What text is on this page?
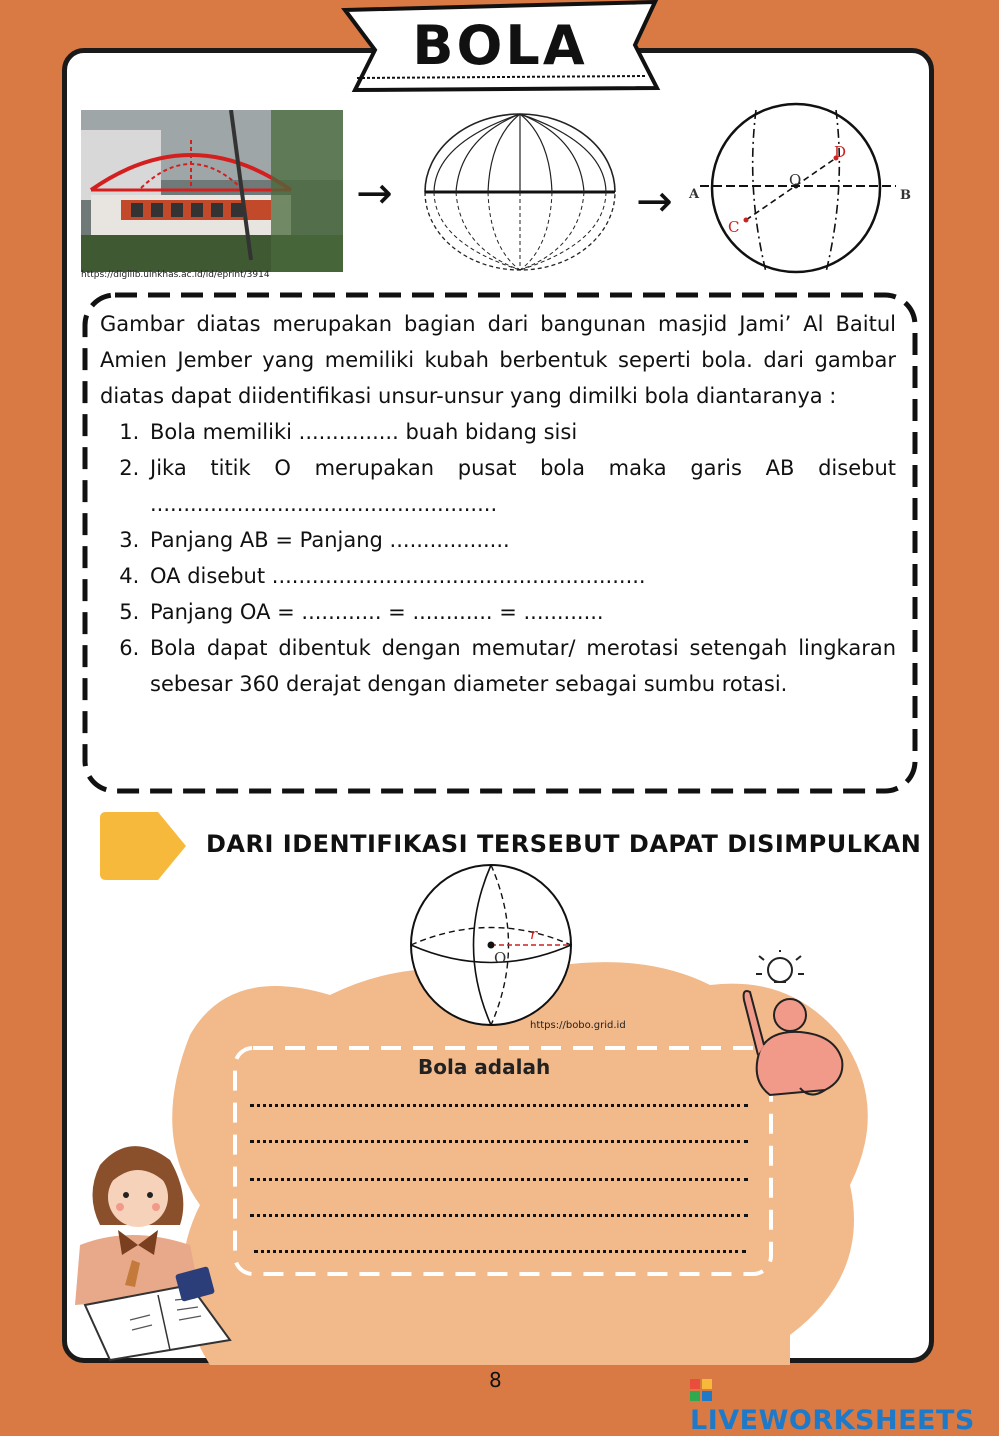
BOLA
https://digilib.uinkhas.ac.id/id/eprint/3914
→	→ A	B
O
C
D
Gambar diatas merupakan bagian dari bangunan masjid Jami’ Al Baitul Amien Jember yang memiliki kubah berbentuk seperti bola. dari gambar diatas dapat diidentifikasi unsur-unsur yang dimilki bola diantaranya :
1. Bola memiliki ............... buah bidang sisi
2. Jika titik O merupakan pusat bola maka garis AB disebut ....................................................
3. Panjang AB = Panjang ..................
4. OA disebut ........................................................
5. Panjang OA = ............ = ............ = ............
6. Bola dapat dibentuk dengan memutar/ merotasi setengah lingkaran sebesar 360 derajat dengan diameter sebagai sumbu rotasi.
DARI IDENTIFIKASI TERSEBUT DAPAT DISIMPULKAN
r
O
https://bobo.grid.id
Bola adalah
8
LIVEWORKSHEETS
